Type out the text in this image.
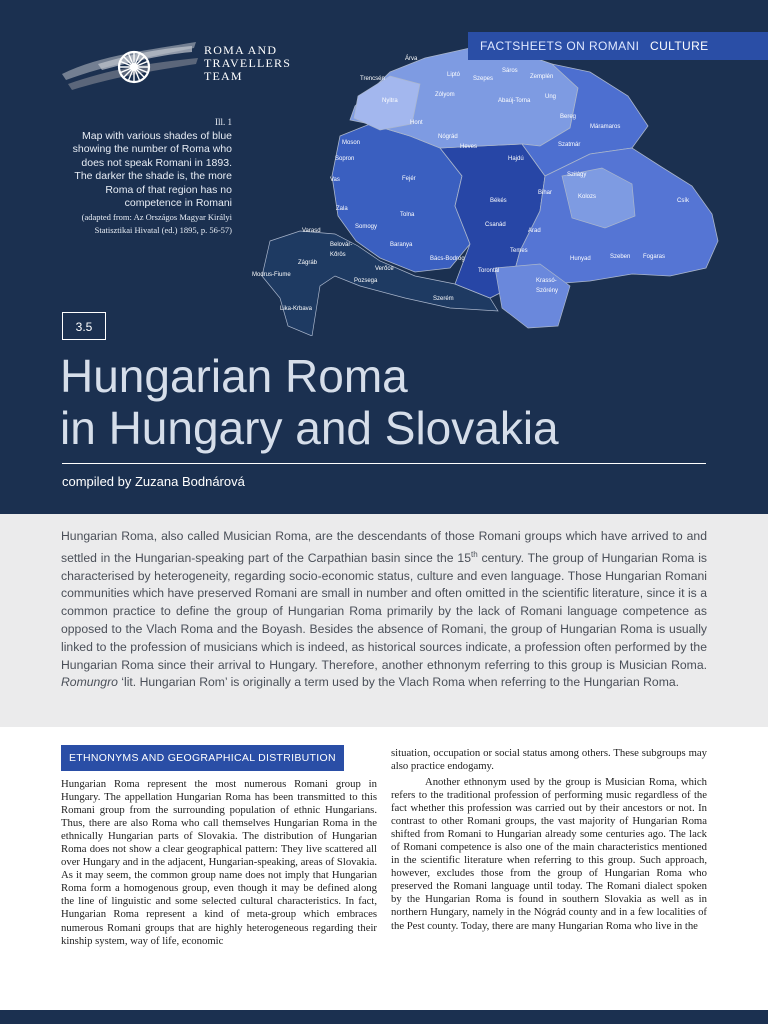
ROMA AND
TRAVELLERS
TEAM
Árva
Trencsén
Liptó
Szepes
Sáros
Zemplén
Nyitra
Zólyom
Abaúj-Torna
Ung
Bereg
Máramaros
Moson
Hont
Nógrád
Heves
Hajdú
Szatmár
Sopron
Fejér
Bihar
Szilágy
Kolozs
Csík
Vas
Zala
Tolna
Békés
Arad
Somogy	Csanád
Varasd
Baranya
Bács-Bodrog
Temes
Hunyad	Szeben Fogaras
Zágráb
Belovár-
Kőrös
Verőce	Torontál
Krassó-
Szörény
Pozsega
Szerém
Modrus-Fiume
Lika-Krbava
FACTSHEETS ON ROMANI CULTURE
Ill. 1
Map with various shades of blue showing the number of Roma who does not speak Romani in 1893. The darker the shade is, the more Roma of that region has no competence in Romani
(adapted from: Az Országos Magyar Királyi Statisztikai Hivatal (ed.) 1895, p. 56-57)
3.5
Hungarian Roma
in Hungary and Slovakia
compiled by Zuzana Bodnárová

Hungarian Roma, also called Musician Roma, are the descendants of those Romani groups which have arrived to and settled in the Hungarian-speaking part of the Carpathian basin since the 15th century. The group of Hungarian Roma is characterised by heterogeneity, regarding socio-economic status, culture and even language. Those Hungarian Romani communities which have preserved Romani are small in number and often omitted in the scientific literature, since it is a common practice to define the group of Hungarian Roma primarily by the lack of Romani language competence as opposed to the Vlach Roma and the Boyash. Besides the absence of Romani, the group of Hungarian Roma is usually linked to the profession of musicians which is indeed, as historical sources indicate, a profession often performed by the Hungarian Roma since their arrival to Hungary. Therefore, another ethnonym referring to this group is Musician Roma. Romungro ‘lit. Hungarian Rom’ is originally a term used by the Vlach Roma when referring to the Hungarian Roma.

ETHNONYMS AND GEOGRAPHICAL DISTRIBUTION

Hungarian Roma represent the most numerous Romani group in Hungary. The appellation Hungarian Roma has been transmitted to this Romani group from the surrounding population of ethnic Hungarians. Thus, there are also Roma who call themselves Hungarian Roma in the ethnically Hungarian parts of Slovakia. The distribution of Hungarian Roma does not show a clear geographical pattern: They live scattered all over Hungary and in the adjacent, Hungarian-speaking, areas of Slovakia. As it may seem, the common group name does not imply that Hungarian Roma form a homogenous group, even though it may be defined along the line of linguistic and some selected cultural characteristics. In fact, Hungarian Roma represent a kind of meta-group which embraces numerous Romani groups that are highly heterogeneous regarding their kinship system, way of life, economic

situation, occupation or social status among others. These subgroups may also practice endogamy.

Another ethnonym used by the group is Musician Roma, which refers to the traditional profession of performing music regardless of the fact whether this profession was carried out by their ancestors or not. In contrast to other Romani groups, the vast majority of Hungarian Roma shifted from Romani to Hungarian already some centuries ago. The lack of Romani competence is also one of the main characteristics mentioned in the scientific literature when referring to this group. Such approach, however, excludes those from the group of Hungarian Roma who preserved the Romani language until today. The Romani dialect spoken by the Hungarian Roma is found in southern Slovakia as well as in northern Hungary, namely in the Nógrád county and in a few localities of the Pest county. Today, there are many Hungarian Roma who live in the
